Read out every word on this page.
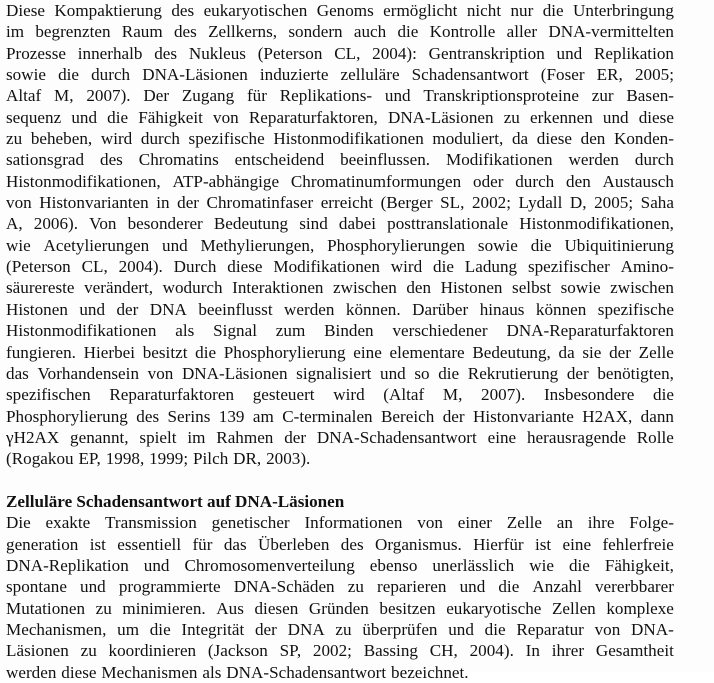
Diese Kompaktierung des eukaryotischen Genoms ermöglicht nicht nur die Unterbringung
im begrenzten Raum des Zellkerns, sondern auch die Kontrolle aller DNA-vermittelten
Prozesse innerhalb des Nukleus (Peterson CL, 2004): Gentranskription und Replikation
sowie die durch DNA-Läsionen induzierte zelluläre Schadensantwort (Foser ER, 2005;
Altaf M, 2007). Der Zugang für Replikations- und Transkriptionsproteine zur Basen-
sequenz und die Fähigkeit von Reparaturfaktoren, DNA-Läsionen zu erkennen und diese
zu beheben, wird durch spezifische Histonmodifikationen moduliert, da diese den Konden-
sationsgrad des Chromatins entscheidend beeinflussen. Modifikationen werden durch
Histonmodifikationen, ATP-abhängige Chromatinumformungen oder durch den Austausch
von Histonvarianten in der Chromatinfaser erreicht (Berger SL, 2002; Lydall D, 2005; Saha
A, 2006). Von besonderer Bedeutung sind dabei posttranslationale Histonmodifikationen,
wie Acetylierungen und Methylierungen, Phosphorylierungen sowie die Ubiquitinierung
(Peterson CL, 2004). Durch diese Modifikationen wird die Ladung spezifischer Amino-
säurereste verändert, wodurch Interaktionen zwischen den Histonen selbst sowie zwischen
Histonen und der DNA beeinflusst werden können. Darüber hinaus können spezifische
Histonmodifikationen als Signal zum Binden verschiedener DNA-Reparaturfaktoren
fungieren. Hierbei besitzt die Phosphorylierung eine elementare Bedeutung, da sie der Zelle
das Vorhandensein von DNA-Läsionen signalisiert und so die Rekrutierung der benötigten,
spezifischen Reparaturfaktoren gesteuert wird (Altaf M, 2007). Insbesondere die
Phosphorylierung des Serins 139 am C-terminalen Bereich der Histonvariante H2AX, dann
γH2AX genannt, spielt im Rahmen der DNA-Schadensantwort eine herausragende Rolle
(Rogakou EP, 1998, 1999; Pilch DR, 2003).
Zelluläre Schadensantwort auf DNA-Läsionen
Die exakte Transmission genetischer Informationen von einer Zelle an ihre Folge-
generation ist essentiell für das Überleben des Organismus. Hierfür ist eine fehlerfreie
DNA-Replikation und Chromosomenverteilung ebenso unerlässlich wie die Fähigkeit,
spontane und programmierte DNA-Schäden zu reparieren und die Anzahl vererbbarer
Mutationen zu minimieren. Aus diesen Gründen besitzen eukaryotische Zellen komplexe
Mechanismen, um die Integrität der DNA zu überprüfen und die Reparatur von DNA-
Läsionen zu koordinieren (Jackson SP, 2002; Bassing CH, 2004). In ihrer Gesamtheit
werden diese Mechanismen als DNA-Schadensantwort bezeichnet.
